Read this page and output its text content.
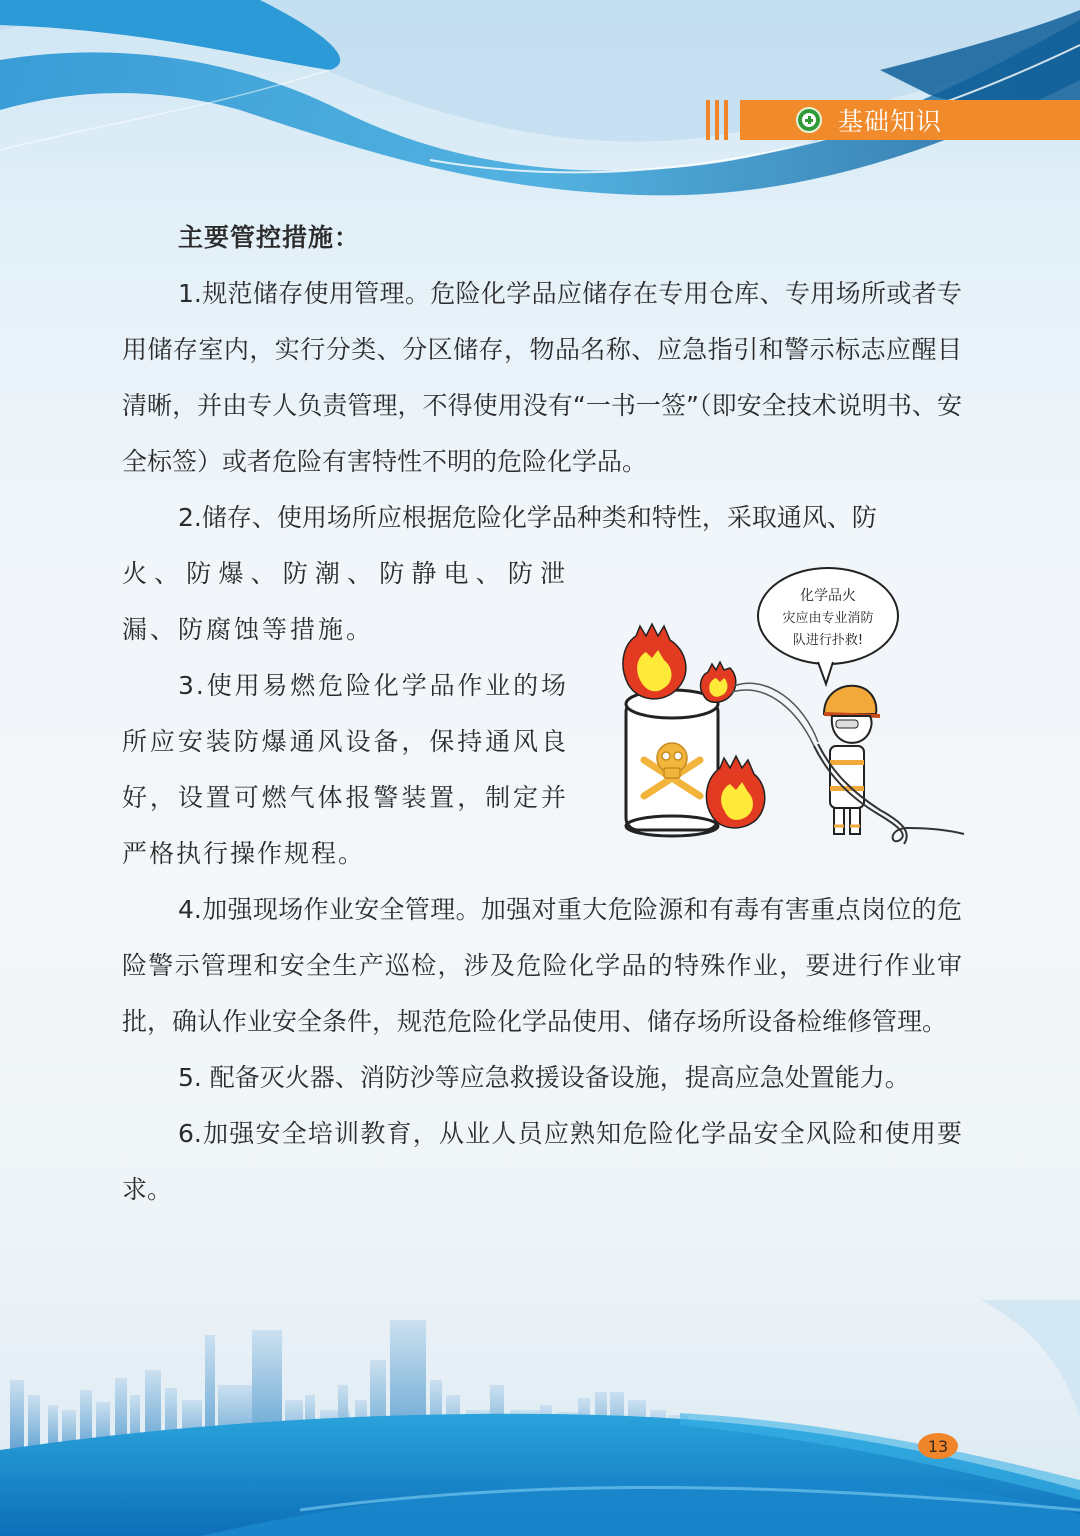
基础知识

主要管控措施：

1.规范储存使用管理。危险化学品应储存在专用仓库、专用场所或者专用储存室内，实行分类、分区储存，物品名称、应急指引和警示标志应醒目清晰，并由专人负责管理，不得使用没有“一书一签”（即安全技术说明书、安全标签）或者危险有害特性不明的危险化学品。

2.储存、使用场所应根据危险化学品种类和特性，采取通风、防

化学品火
灾应由专业消防
队进行扑救!

火、防爆、防潮、防静电、防泄漏、防腐蚀等措施。

3.使用易燃危险化学品作业的场所应安装防爆通风设备，保持通风良好，设置可燃气体报警装置，制定并严格执行操作规程。

4.加强现场作业安全管理。加强对重大危险源和有毒有害重点岗位的危险警示管理和安全生产巡检，涉及危险化学品的特殊作业，要进行作业审批，确认作业安全条件，规范危险化学品使用、储存场所设备检维修管理。

5. 配备灭火器、消防沙等应急救援设备设施，提高应急处置能力。

6.加强安全培训教育，从业人员应熟知危险化学品安全风险和使用要求。

13
